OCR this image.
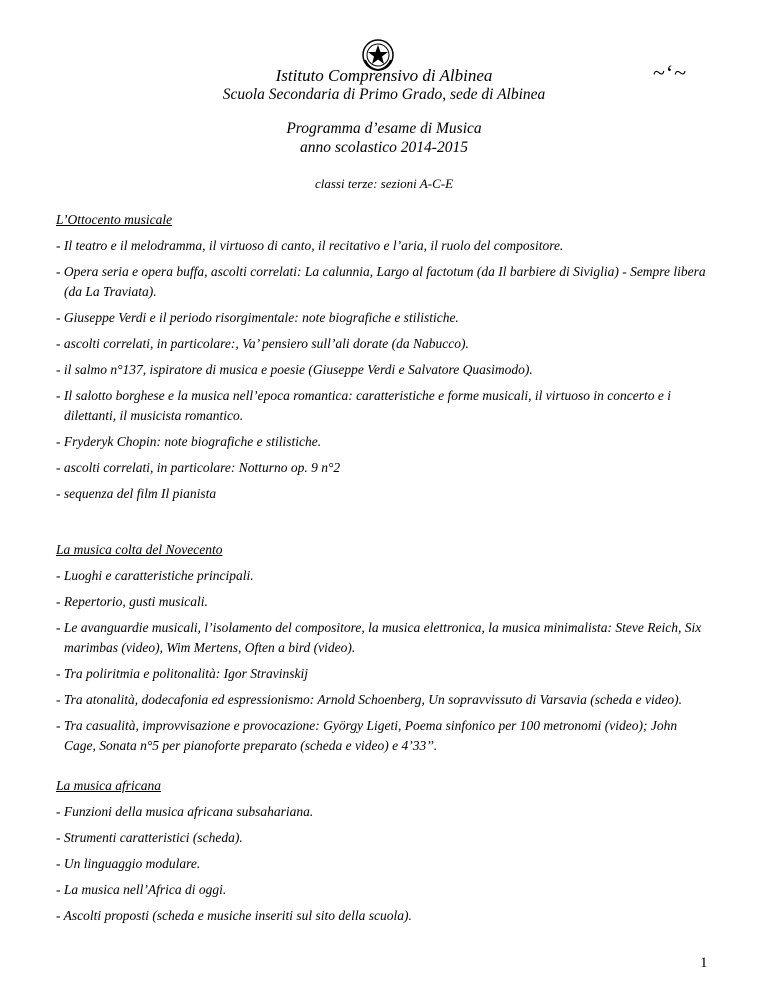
~ʻ~
Istituto Comprensivo di Albinea
Scuola Secondaria di Primo Grado, sede di Albinea
Programma d’esame di Musica
anno scolastico 2014-2015
classi terze: sezioni A-C-E

L’Ottocento musicale

- Il teatro e il melodramma, il virtuoso di canto, il recitativo e l’aria, il ruolo del compositore.
- Opera seria e opera buffa, ascolti correlati: La calunnia, Largo al factotum (da Il barbiere di Siviglia) - Sempre libera
(da La Traviata).
- Giuseppe Verdi e il periodo risorgimentale: note biografiche e stilistiche.
- ascolti correlati, in particolare:, Va’ pensiero sull’ali dorate (da Nabucco).
- il salmo n°137, ispiratore di musica e poesie (Giuseppe Verdi e Salvatore Quasimodo).
- Il salotto borghese e la musica nell’epoca romantica: caratteristiche e forme musicali, il virtuoso in concerto e i
dilettanti, il musicista romantico.
- Fryderyk Chopin: note biografiche e stilistiche.
- ascolti correlati, in particolare: Notturno op. 9 n°2
- sequenza del film Il pianista

La musica colta del Novecento

- Luoghi e caratteristiche principali.
- Repertorio, gusti musicali.
- Le avanguardie musicali, l’isolamento del compositore, la musica elettronica, la musica minimalista: Steve Reich, Six
marimbas (video), Wim Mertens, Often a bird (video).
- Tra poliritmia e politonalità: Igor Stravinskij
- Tra atonalità, dodecafonia ed espressionismo: Arnold Schoenberg, Un sopravvissuto di Varsavia (scheda e video).
- Tra casualità, improvvisazione e provocazione: György Ligeti, Poema sinfonico per 100 metronomi (video); John
Cage, Sonata n°5 per pianoforte preparato (scheda e video) e 4’33’’.

La musica africana

- Funzioni della musica africana subsahariana.
- Strumenti caratteristici (scheda).
- Un linguaggio modulare.
- La musica nell’Africa di oggi.
- Ascolti proposti (scheda e musiche inseriti sul sito della scuola).
1
